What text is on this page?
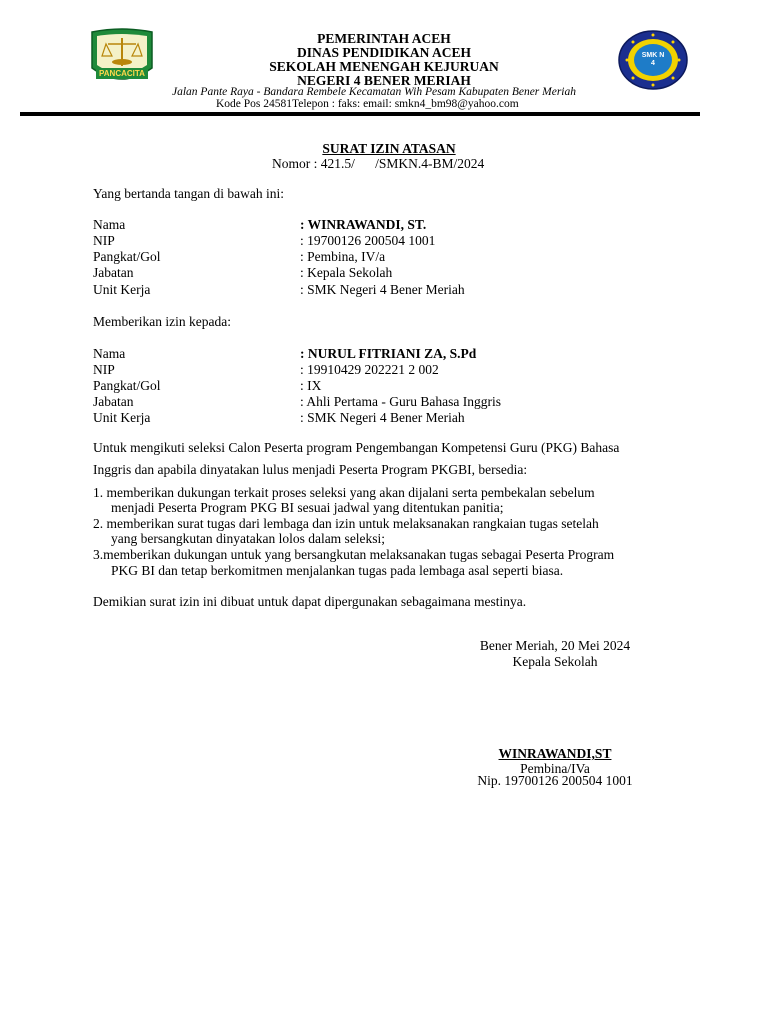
PANCACITA
SMK N 4
PEMERINTAH ACEH
DINAS PENDIDIKAN ACEH
SEKOLAH MENENGAH KEJURUAN
NEGERI 4 BENER MERIAH
Jalan Pante Raya - Bandara Rembele Kecamatan Wih Pesam Kabupaten Bener Meriah
Kode Pos 24581Telepon : faks: email: smkn4_bm98@yahoo.com
SURAT IZIN ATASAN
Nomor : 421.5/      /SMKN.4-BM/2024
Yang bertanda tangan di bawah ini:
Nama	: WINRAWANDI, ST.
NIP	: 19700126 200504 1001
Pangkat/Gol	: Pembina, IV/a
Jabatan	: Kepala Sekolah
Unit Kerja	: SMK Negeri 4 Bener Meriah
Memberikan izin kepada:
Nama	: NURUL FITRIANI ZA, S.Pd
NIP	: 19910429 202221 2 002
Pangkat/Gol	: IX
Jabatan	: Ahli Pertama - Guru Bahasa Inggris
Unit Kerja	: SMK Negeri 4 Bener Meriah
Untuk mengikuti seleksi Calon Peserta program Pengembangan Kompetensi Guru (PKG) Bahasa
Inggris dan apabila dinyatakan lulus menjadi Peserta Program PKGBI, bersedia:
1. memberikan dukungan terkait proses seleksi yang akan dijalani serta pembekalan sebelum
menjadi Peserta Program PKG BI sesuai jadwal yang ditentukan panitia;
2. memberikan surat tugas dari lembaga dan izin untuk melaksanakan rangkaian tugas setelah
yang bersangkutan dinyatakan lolos dalam seleksi;
3.memberikan dukungan untuk yang bersangkutan melaksanakan tugas sebagai Peserta Program
PKG BI dan tetap berkomitmen menjalankan tugas pada lembaga asal seperti biasa.
Demikian surat izin ini dibuat untuk dapat dipergunakan sebagaimana mestinya.
Bener Meriah, 20 Mei 2024
Kepala Sekolah
WINRAWANDI,ST
Pembina/IVa
Nip. 19700126 200504 1001
